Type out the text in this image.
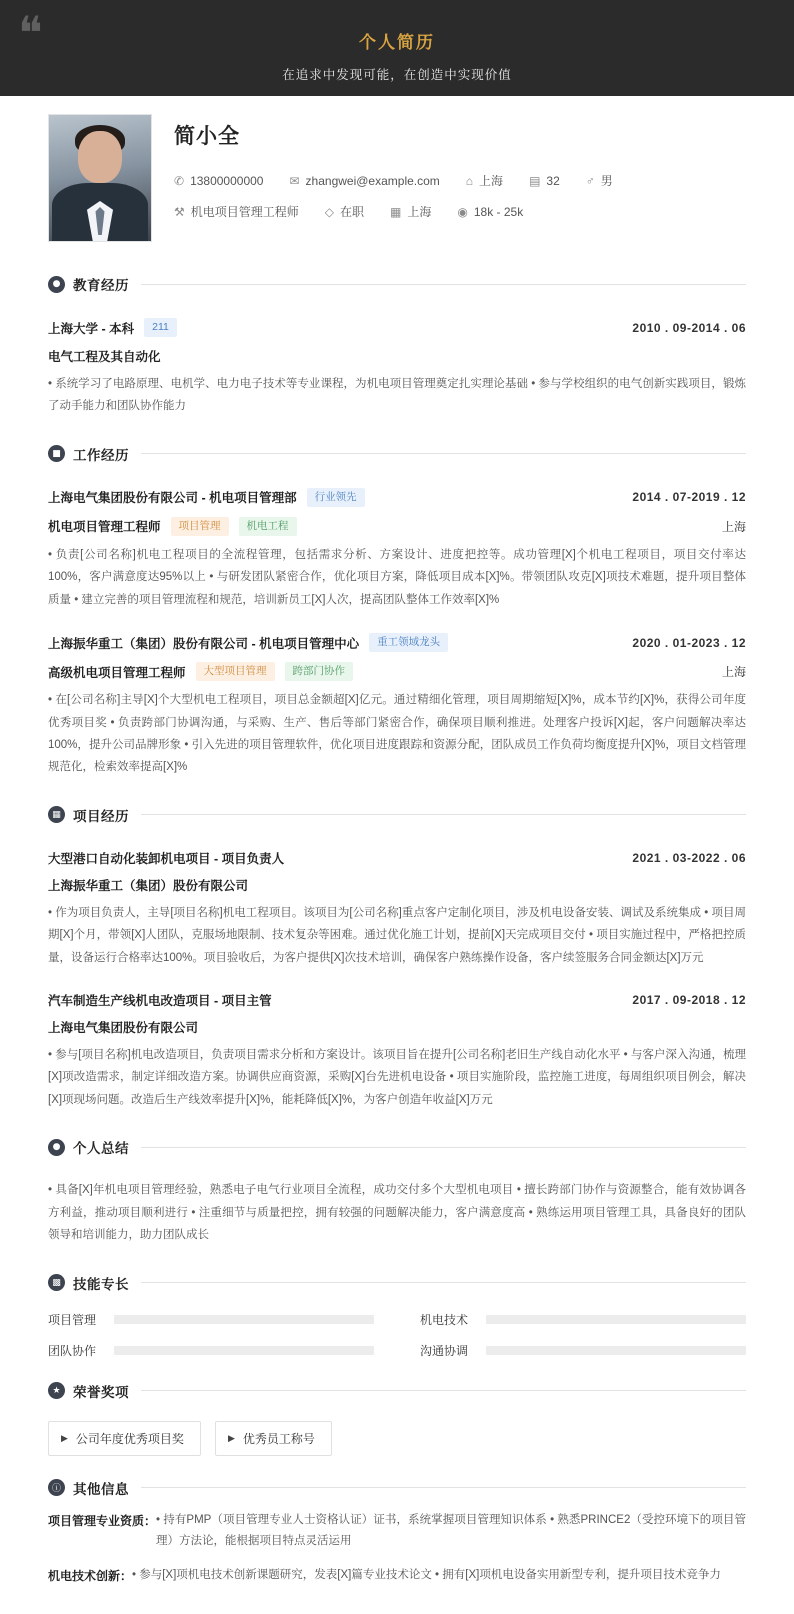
❝	个人简历
在追求中发现可能，在创造中实现价值
简小全
✆ 13800000000 ✉ zhangwei@example.com ⌂ 上海 ▤ 32 ♂ 男
⚒ 机电项目管理工程师 ◇ 在职 ▦ 上海 ◉ 18k - 25k
● 教育经历
上海大学 - 本科	211	2010 . 09-2014 . 06
电气工程及其自动化

• 系统学习了电路原理、电机学、电力电子技术等专业课程，为机电项目管理奠定扎实理论基础 • 参与学校组织的电气创新实践项目，锻炼了动手能力和团队协作能力

■ 工作经历
上海电气集团股份有限公司 - 机电项目管理部	行业领先	2014 . 07-2019 . 12
机电项目管理工程师	项目管理	机电工程	上海

• 负责[公司名称]机电工程项目的全流程管理，包括需求分析、方案设计、进度把控等。成功管理[X]个机电工程项目，项目交付率达100%，客户满意度达95%以上 • 与研发团队紧密合作，优化项目方案，降低项目成本[X]%。带领团队攻克[X]项技术难题，提升项目整体质量 • 建立完善的项目管理流程和规范，培训新员工[X]人次，提高团队整体工作效率[X]%

上海振华重工（集团）股份有限公司 - 机电项目管理中心	重工领域龙头	2020 . 01-2023 . 12
高级机电项目管理工程师	大型项目管理	跨部门协作	上海

• 在[公司名称]主导[X]个大型机电工程项目，项目总金额超[X]亿元。通过精细化管理，项目周期缩短[X]%，成本节约[X]%，获得公司年度优秀项目奖 • 负责跨部门协调沟通，与采购、生产、售后等部门紧密合作，确保项目顺利推进。处理客户投诉[X]起，客户问题解决率达100%，提升公司品牌形象 • 引入先进的项目管理软件，优化项目进度跟踪和资源分配，团队成员工作负荷均衡度提升[X]%，项目文档管理规范化，检索效率提高[X]%

▦ 项目经历
大型港口自动化装卸机电项目 - 项目负责人	2021 . 03-2022 . 06
上海振华重工（集团）股份有限公司

• 作为项目负责人，主导[项目名称]机电工程项目。该项目为[公司名称]重点客户定制化项目，涉及机电设备安装、调试及系统集成 • 项目周期[X]个月，带领[X]人团队，克服场地限制、技术复杂等困难。通过优化施工计划，提前[X]天完成项目交付 • 项目实施过程中，严格把控质量，设备运行合格率达100%。项目验收后，为客户提供[X]次技术培训，确保客户熟练操作设备，客户续签服务合同金额达[X]万元

汽车制造生产线机电改造项目 - 项目主管	2017 . 09-2018 . 12
上海电气集团股份有限公司

• 参与[项目名称]机电改造项目，负责项目需求分析和方案设计。该项目旨在提升[公司名称]老旧生产线自动化水平 • 与客户深入沟通，梳理[X]项改造需求，制定详细改造方案。协调供应商资源，采购[X]台先进机电设备 • 项目实施阶段，监控施工进度，每周组织项目例会，解决[X]项现场问题。改造后生产线效率提升[X]%，能耗降低[X]%，为客户创造年收益[X]万元

● 个人总结

• 具备[X]年机电项目管理经验，熟悉电子电气行业项目全流程，成功交付多个大型机电项目 • 擅长跨部门协作与资源整合，能有效协调各方利益，推动项目顺利进行 • 注重细节与质量把控，拥有较强的问题解决能力，客户满意度高 • 熟练运用项目管理工具，具备良好的团队领导和培训能力，助力团队成长

▩ 技能专长
项目管理	机电技术
团队协作	沟通协调
★ 荣誉奖项
▶ 公司年度优秀项目奖	▶ 优秀员工称号
ⓘ 其他信息
项目管理专业资质： • 持有PMP（项目管理专业人士资格认证）证书，系统掌握项目管理知识体系 • 熟悉PRINCE2（受控环境下的项目管理）方法论，能根据项目特点灵活运用
机电技术创新： • 参与[X]项机电技术创新课题研究，发表[X]篇专业技术论文 • 拥有[X]项机电设备实用新型专利，提升项目技术竞争力
